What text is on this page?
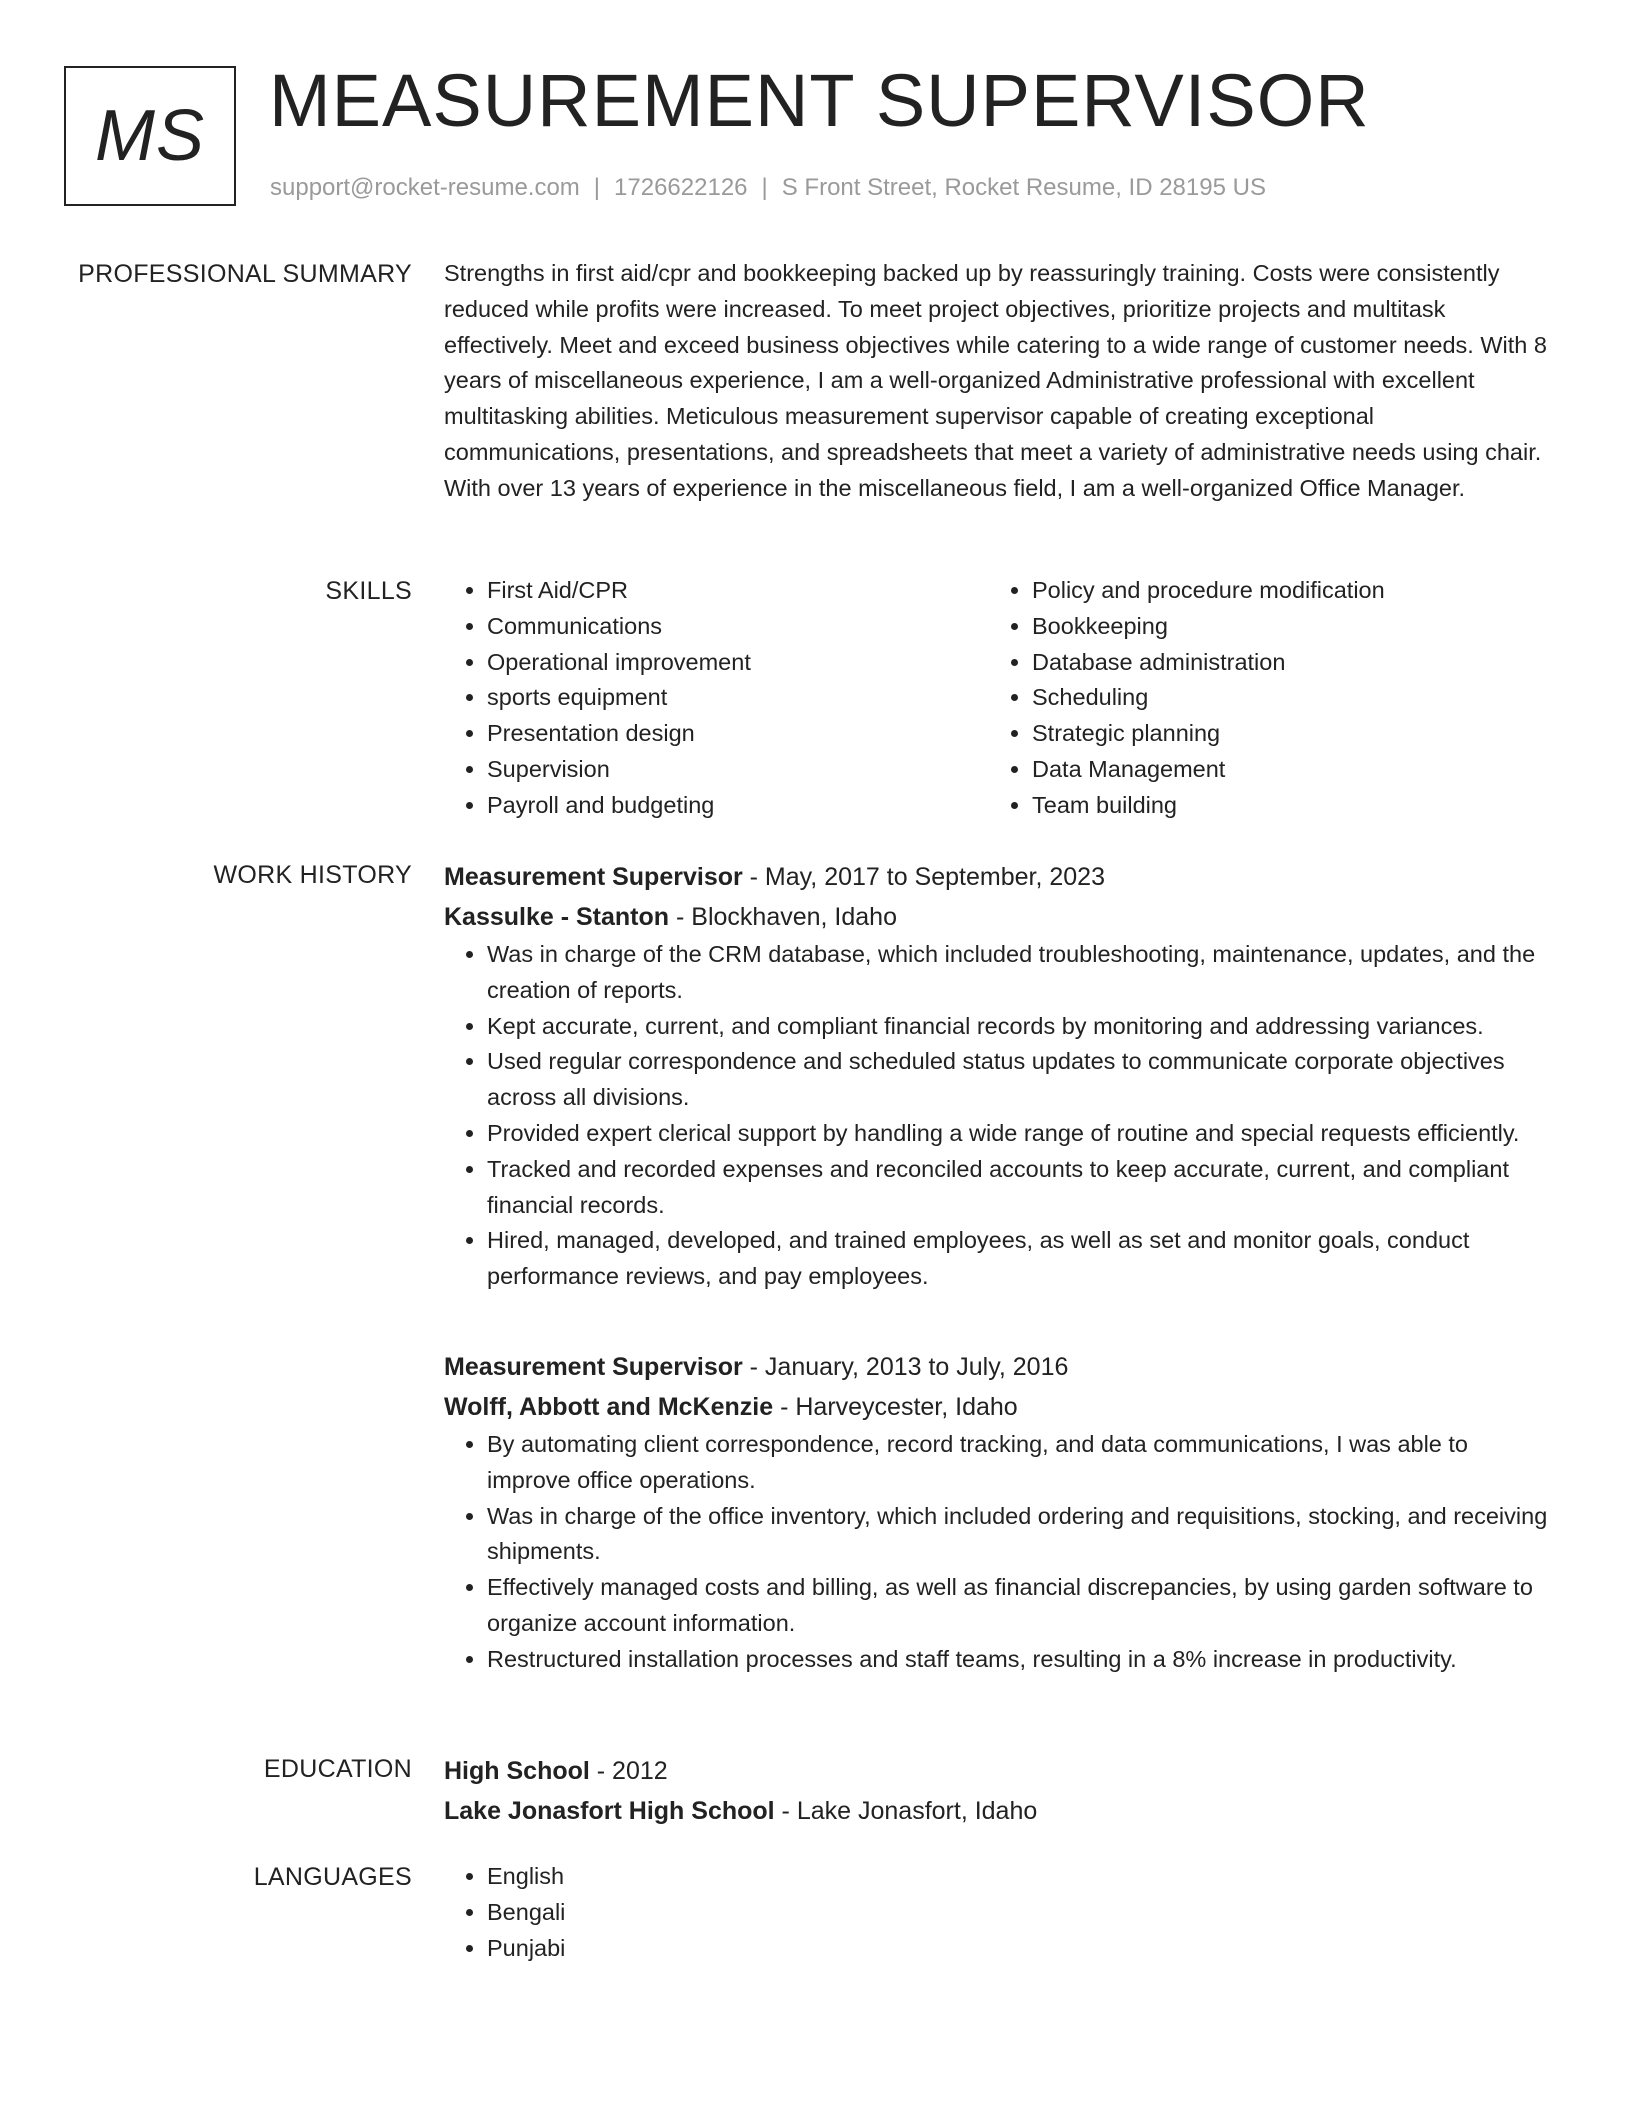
MS MEASUREMENT SUPERVISOR
support@rocket-resume.com | 1726622126 | S Front Street, Rocket Resume, ID 28195 US
PROFESSIONAL SUMMARY Strengths in first aid/cpr and bookkeeping backed up by reassuringly training. Costs were consistently reduced while profits were increased. To meet project objectives, prioritize projects and multitask effectively. Meet and exceed business objectives while catering to a wide range of customer needs. With 8 years of miscellaneous experience, I am a well-organized Administrative professional with excellent multitasking abilities. Meticulous measurement supervisor capable of creating exceptional communications, presentations, and spreadsheets that meet a variety of administrative needs using chair. With over 13 years of experience in the miscellaneous field, I am a well-organized Office Manager.

SKILLS	• First Aid/CPR
• Communications
• Operational improvement
• sports equipment
• Presentation design
• Supervision
• Payroll and budgeting
• Policy and procedure modification
• Bookkeeping
• Database administration
• Scheduling
• Strategic planning
• Data Management
• Team building
WORK HISTORY Measurement Supervisor - May, 2017 to September, 2023
Kassulke - Stanton - Blockhaven, Idaho
• Was in charge of the CRM database, which included troubleshooting, maintenance, updates, and the creation of reports.
• Kept accurate, current, and compliant financial records by monitoring and addressing variances.
• Used regular correspondence and scheduled status updates to communicate corporate objectives across all divisions.
• Provided expert clerical support by handling a wide range of routine and special requests efficiently.
• Tracked and recorded expenses and reconciled accounts to keep accurate, current, and compliant financial records.
• Hired, managed, developed, and trained employees, as well as set and monitor goals, conduct performance reviews, and pay employees.
Measurement Supervisor - January, 2013 to July, 2016
Wolff, Abbott and McKenzie - Harveycester, Idaho
• By automating client correspondence, record tracking, and data communications, I was able to improve office operations.
• Was in charge of the office inventory, which included ordering and requisitions, stocking, and receiving shipments.
• Effectively managed costs and billing, as well as financial discrepancies, by using garden software to organize account information.
• Restructured installation processes and staff teams, resulting in a 8% increase in productivity.
EDUCATION High School - 2012
Lake Jonasfort High School - Lake Jonasfort, Idaho
LANGUAGES	• English
• Bengali
• Punjabi
